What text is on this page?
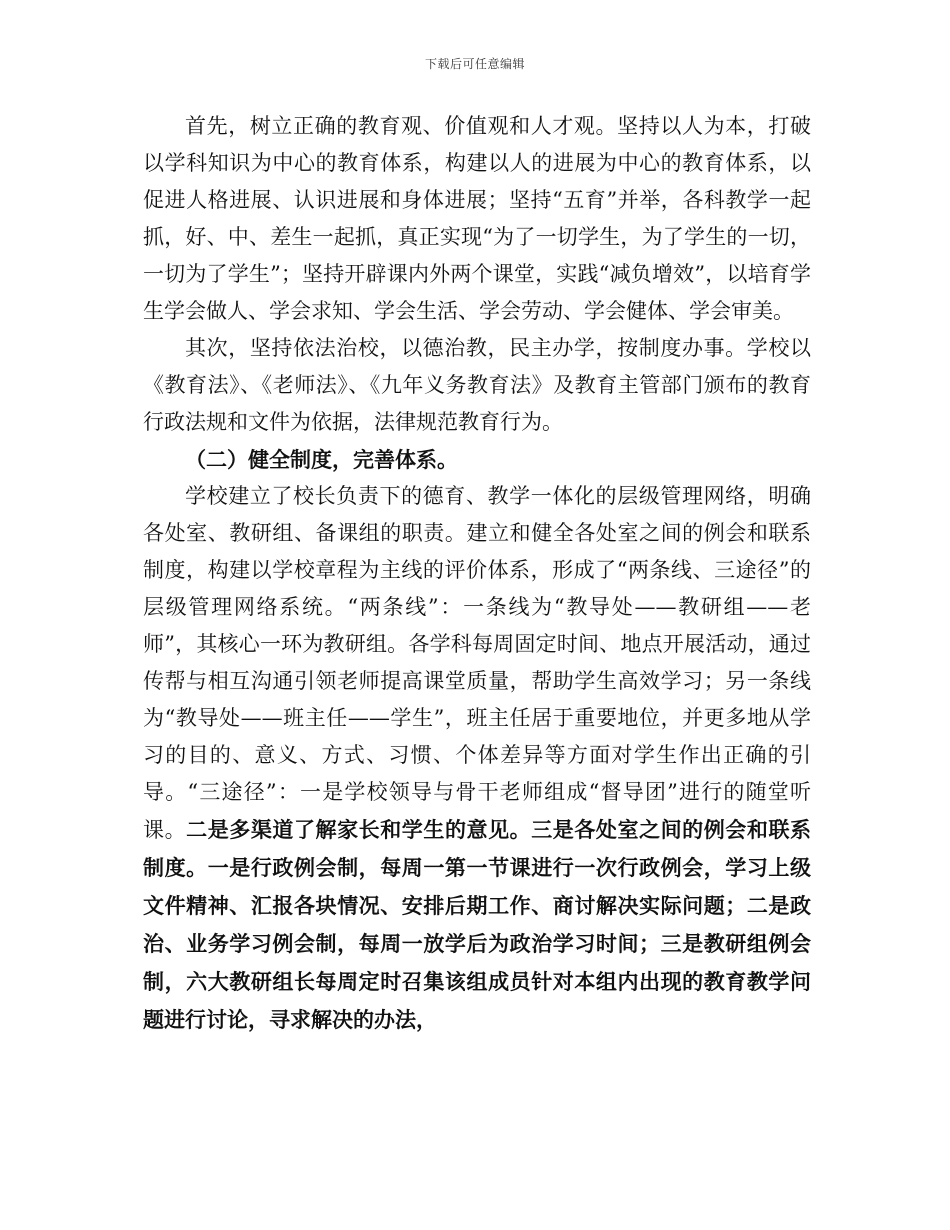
下载后可任意编辑

首先，树立正确的教育观、价值观和人才观。坚持以人为本，打破以学科知识为中心的教育体系，构建以人的进展为中心的教育体系，以促进人格进展、认识进展和身体进展；坚持“五育”并举，各科教学一起抓，好、中、差生一起抓，真正实现“为了一切学生，为了学生的一切，一切为了学生”；坚持开辟课内外两个课堂，实践“减负增效”，以培育学生学会做人、学会求知、学会生活、学会劳动、学会健体、学会审美。

其次，坚持依法治校，以德治教，民主办学，按制度办事。学校以《教育法》、《老师法》、《九年义务教育法》及教育主管部门颁布的教育行政法规和文件为依据，法律规范教育行为。

（二）健全制度，完善体系。

学校建立了校长负责下的德育、教学一体化的层级管理网络，明确各处室、教研组、备课组的职责。建立和健全各处室之间的例会和联系制度，构建以学校章程为主线的评价体系，形成了“两条线、三途径”的层级管理网络系统。“两条线”：一条线为“教导处——教研组——老师”，其核心一环为教研组。各学科每周固定时间、地点开展活动，通过传帮与相互沟通引领老师提高课堂质量，帮助学生高效学习；另一条线为“教导处——班主任——学生”，班主任居于重要地位，并更多地从学习的目的、意义、方式、习惯、个体差异等方面对学生作出正确的引导。“三途径”：一是学校领导与骨干老师组成“督导团”进行的随堂听课。二是多渠道了解家长和学生的意见。三是各处室之间的例会和联系制度。一是行政例会制，每周一第一节课进行一次行政例会，学习上级文件精神、汇报各块情况、安排后期工作、商讨解决实际问题；二是政治、业务学习例会制，每周一放学后为政治学习时间；三是教研组例会制，六大教研组长每周定时召集该组成员针对本组内出现的教育教学问题进行讨论，寻求解决的办法，
